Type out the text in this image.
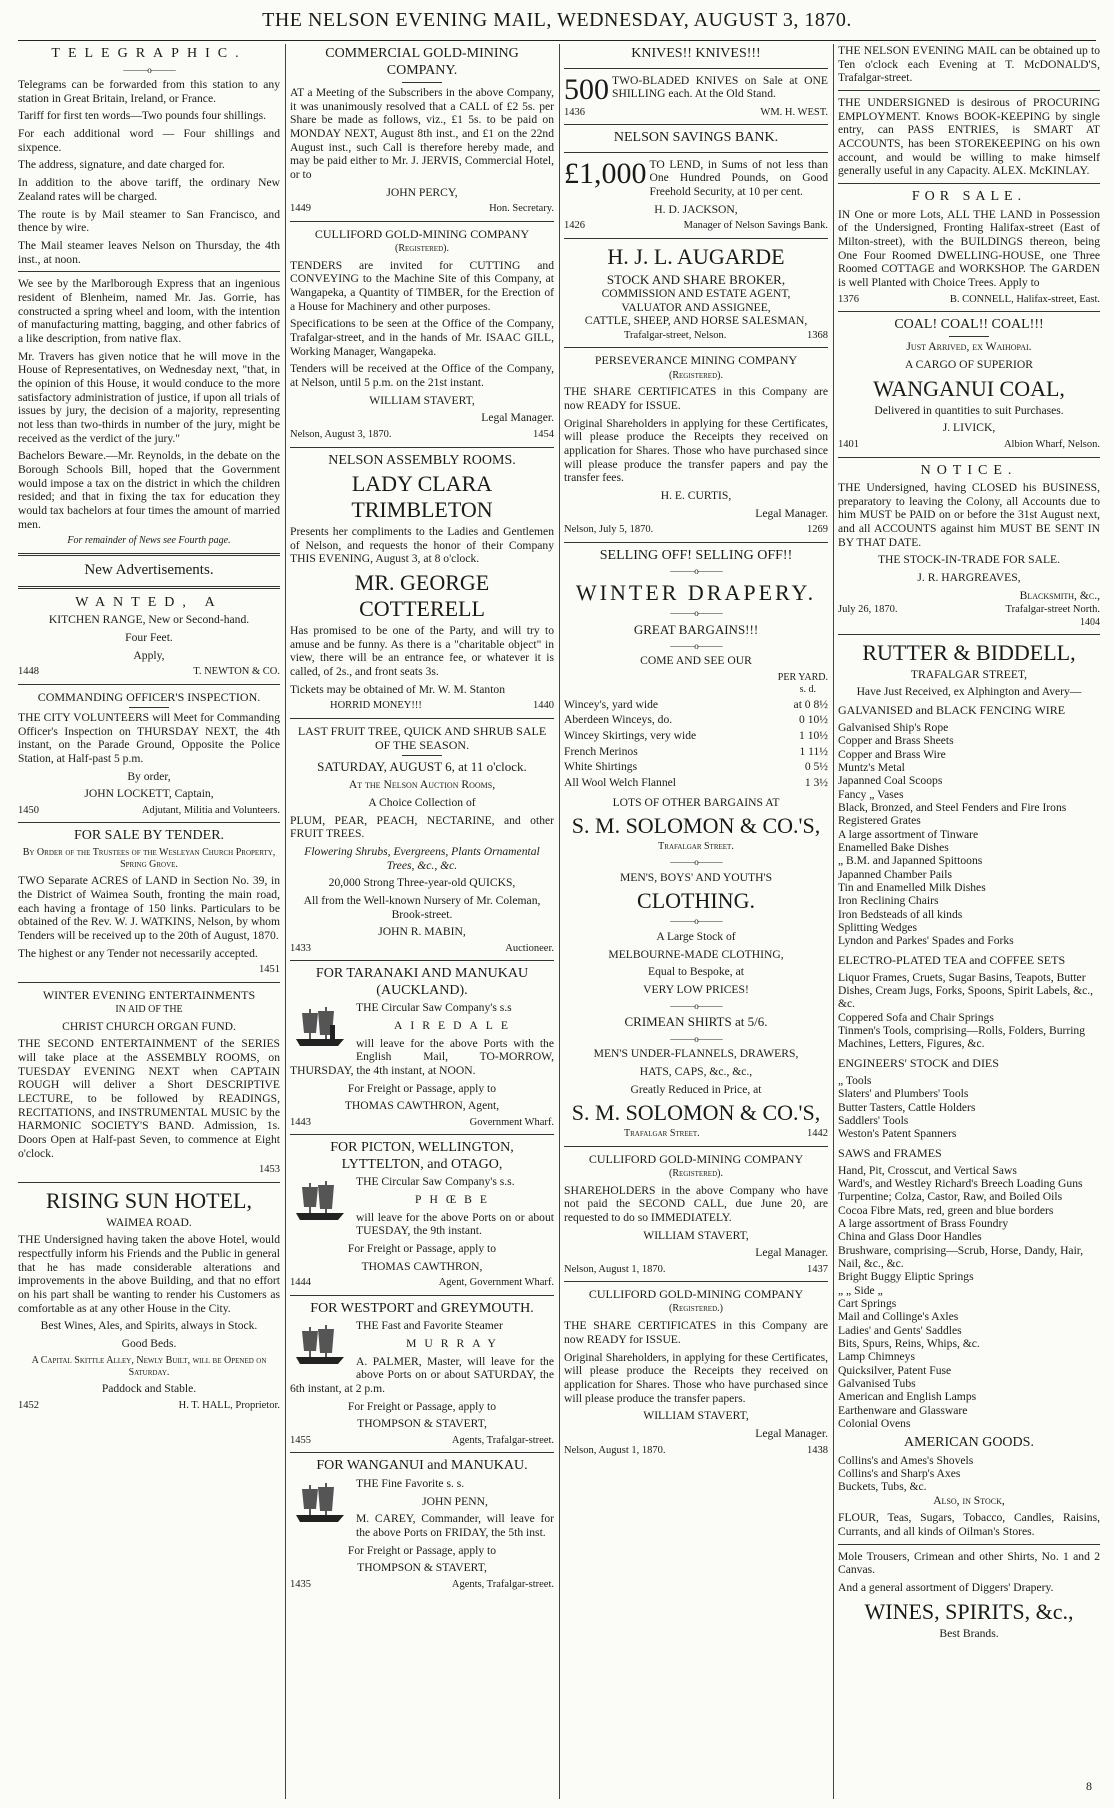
THE NELSON EVENING MAIL, WEDNESDAY, AUGUST 3, 1870.
TELEGRAPHIC.
———o———

Telegrams can be forwarded from this station to any station in Great Britain, Ireland, or France.

Tariff for first ten words—Two pounds four shillings.

For each additional word — Four shillings and sixpence.

The address, signature, and date charged for.

In addition to the above tariff, the ordinary New Zealand rates will be charged.

The route is by Mail steamer to San Francisco, and thence by wire.

The Mail steamer leaves Nelson on Thursday, the 4th inst., at noon.

We see by the Marlborough Express that an ingenious resident of Blenheim, named Mr. Jas. Gorrie, has constructed a spring wheel and loom, with the intention of manufacturing matting, bagging, and other fabrics of a like description, from native flax.

Mr. Travers has given notice that he will move in the House of Representatives, on Wednesday next, "that, in the opinion of this House, it would conduce to the more satisfactory administration of justice, if upon all trials of issues by jury, the decision of a majority, representing not less than two-thirds in number of the jury, might be received as the verdict of the jury."

Bachelors Beware.—Mr. Reynolds, in the debate on the Borough Schools Bill, hoped that the Government would impose a tax on the district in which the children resided; and that in fixing the tax for education they would tax bachelors at four times the amount of married men.

For remainder of News see Fourth page.

New Advertisements.
WANTED, A

KITCHEN RANGE, New or Second-hand.

Four Feet.

Apply,

1448	T. NEWTON & CO.
COMMANDING OFFICER'S INSPECTION.

THE CITY VOLUNTEERS will Meet for Commanding Officer's Inspection on THURSDAY NEXT, the 4th instant, on the Parade Ground, Opposite the Police Station, at Half-past 5 p.m.

By order,

JOHN LOCKETT, Captain,

1450	Adjutant, Militia and Volunteers.
FOR SALE BY TENDER.

By Order of the Trustees of the Wesleyan Church Property, Spring Grove.

TWO Separate ACRES of LAND in Section No. 39, in the District of Waimea South, fronting the main road, each having a frontage of 150 links. Particulars to be obtained of the Rev. W. J. WATKINS, Nelson, by whom Tenders will be received up to the 20th of August, 1870.

The highest or any Tender not necessarily accepted.

1451
WINTER EVENING ENTERTAINMENTS

IN AID OF THE

CHRIST CHURCH ORGAN FUND.

THE SECOND ENTERTAINMENT of the SERIES will take place at the ASSEMBLY ROOMS, on TUESDAY EVENING NEXT when CAPTAIN ROUGH will deliver a Short DESCRIPTIVE LECTURE, to be followed by READINGS, RECITATIONS, and INSTRUMENTAL MUSIC by the HARMONIC SOCIETY'S BAND. Admission, 1s. Doors Open at Half-past Seven, to commence at Eight o'clock.

1453
RISING SUN HOTEL,

WAIMEA ROAD.

THE Undersigned having taken the above Hotel, would respectfully inform his Friends and the Public in general that he has made considerable alterations and improvements in the above Building, and that no effort on his part shall be wanting to render his Customers as comfortable as at any other House in the City.

Best Wines, Ales, and Spirits, always in Stock.

Good Beds.

A Capital Skittle Alley, Newly Built, will be Opened on Saturday.

Paddock and Stable.

1452	H. T. HALL, Proprietor.
COMMERCIAL GOLD-MINING COMPANY.

AT a Meeting of the Subscribers in the above Company, it was unanimously resolved that a CALL of £2 5s. per Share be made as follows, viz., £1 5s. to be paid on MONDAY NEXT, August 8th inst., and £1 on the 22nd August inst., such Call is therefore hereby made, and may be paid either to Mr. J. JERVIS, Commercial Hotel, or to

JOHN PERCY,

1449	Hon. Secretary.
CULLIFORD GOLD-MINING COMPANY

(Registered).

TENDERS are invited for CUTTING and CONVEYING to the Machine Site of this Company, at Wangapeka, a Quantity of TIMBER, for the Erection of a House for Machinery and other purposes.

Specifications to be seen at the Office of the Company, Trafalgar-street, and in the hands of Mr. ISAAC GILL, Working Manager, Wangapeka.

Tenders will be received at the Office of the Company, at Nelson, until 5 p.m. on the 21st instant.

WILLIAM STAVERT,

Legal Manager.

Nelson, August 3, 1870.	1454
NELSON ASSEMBLY ROOMS.
LADY CLARA TRIMBLETON

Presents her compliments to the Ladies and Gentlemen of Nelson, and requests the honor of their Company THIS EVENING, August 3, at 8 o'clock.

MR. GEORGE COTTERELL

Has promised to be one of the Party, and will try to amuse and be funny. As there is a "charitable object" in view, there will be an entrance fee, or whatever it is called, of 2s., and front seats 3s.

Tickets may be obtained of Mr. W. M. Stanton

HORRID MONEY!!!	1440
LAST FRUIT TREE, QUICK AND SHRUB SALE OF THE SEASON.

SATURDAY, AUGUST 6, at 11 o'clock.

At the Nelson Auction Rooms,

A Choice Collection of

PLUM, PEAR, PEACH, NECTARINE, and other FRUIT TREES.

Flowering Shrubs, Evergreens, Plants Ornamental Trees, &c., &c.

20,000 Strong Three-year-old QUICKS,

All from the Well-known Nursery of Mr. Coleman, Brook-street.

JOHN R. MABIN,

1433	Auctioneer.
FOR TARANAKI AND MANUKAU (AUCKLAND).

THE Circular Saw Company's s.s

AIREDALE

will leave for the above Ports with the English Mail, TO-MORROW, THURSDAY, the 4th instant, at NOON.

For Freight or Passage, apply to

THOMAS CAWTHRON, Agent,

1443	Government Wharf.
FOR PICTON, WELLINGTON, LYTTELTON, and OTAGO,

THE Circular Saw Company's s.s.

PHŒBE

will leave for the above Ports on or about TUESDAY, the 9th instant.

For Freight or Passage, apply to

THOMAS CAWTHRON,

1444	Agent, Government Wharf.
FOR WESTPORT and GREYMOUTH.

THE Fast and Favorite Steamer

MURRAY

A. PALMER, Master, will leave for the above Ports on or about SATURDAY, the 6th instant, at 2 p.m.

For Freight or Passage, apply to

THOMPSON & STAVERT,

1455	Agents, Trafalgar-street.
FOR WANGANUI and MANUKAU.

THE Fine Favorite s. s.

JOHN PENN,

M. CAREY, Commander, will leave for the above Ports on FRIDAY, the 5th inst.

For Freight or Passage, apply to

THOMPSON & STAVERT,

1435	Agents, Trafalgar-street.
KNIVES!! KNIVES!!!

500 TWO-BLADED KNIVES on Sale at ONE SHILLING each. At the Old Stand.

1436	WM. H. WEST.
NELSON SAVINGS BANK.

£1,000 TO LEND, in Sums of not less than One Hundred Pounds, on Good Freehold Security, at 10 per cent.

H. D. JACKSON,

1426	Manager of Nelson Savings Bank.
H. J. L. AUGARDE

STOCK AND SHARE BROKER,

COMMISSION AND ESTATE AGENT,

VALUATOR AND ASSIGNEE,

CATTLE, SHEEP, AND HORSE SALESMAN,

Trafalgar-street, Nelson.	1368
PERSEVERANCE MINING COMPANY

(Registered).

THE SHARE CERTIFICATES in this Company are now READY for ISSUE.

Original Shareholders in applying for these Certificates, will please produce the Receipts they received on application for Shares. Those who have purchased since will please produce the transfer papers and pay the transfer fees.

H. E. CURTIS,

Legal Manager.

Nelson, July 5, 1870.	1269
SELLING OFF! SELLING OFF!!
———o———
WINTER DRAPERY.
———o———

GREAT BARGAINS!!!

———o———

COME AND SEE OUR

PER YARD.

s. d.

Wincey's, yard wide	at 0 8½
Aberdeen Winceys, do.	0 10½
Wincey Skirtings, very wide	1 10½
French Merinos	1 11½
White Shirtings	0 5½
All Wool Welch Flannel	1 3½

LOTS OF OTHER BARGAINS AT

S. M. SOLOMON & CO.'S,

Trafalgar Street.

———o———

MEN'S, BOYS' AND YOUTH'S

CLOTHING.
———o———

A Large Stock of

MELBOURNE-MADE CLOTHING,

Equal to Bespoke, at

VERY LOW PRICES!

———o———

CRIMEAN SHIRTS at 5/6.

———o———

MEN'S UNDER-FLANNELS, DRAWERS,

HATS, CAPS, &c., &c.,

Greatly Reduced in Price, at

S. M. SOLOMON & CO.'S,
Trafalgar Street.	1442
CULLIFORD GOLD-MINING COMPANY

(Registered).

SHAREHOLDERS in the above Company who have not paid the SECOND CALL, due June 20, are requested to do so IMMEDIATELY.

WILLIAM STAVERT,

Legal Manager.

Nelson, August 1, 1870.	1437
CULLIFORD GOLD-MINING COMPANY

(Registered.)

THE SHARE CERTIFICATES in this Company are now READY for ISSUE.

Original Shareholders, in applying for these Certificates, will please produce the Receipts they received on application for Shares. Those who have purchased since will please produce the transfer papers.

WILLIAM STAVERT,

Legal Manager.

Nelson, August 1, 1870.	1438

THE NELSON EVENING MAIL can be obtained up to Ten o'clock each Evening at T. McDONALD'S, Trafalgar-street.

THE UNDERSIGNED is desirous of PROCURING EMPLOYMENT. Knows BOOK-KEEPING by single entry, can PASS ENTRIES, is SMART AT ACCOUNTS, has been STOREKEEPING on his own account, and would be willing to make himself generally useful in any Capacity. ALEX. McKINLAY.

FOR SALE.

IN One or more Lots, ALL THE LAND in Possession of the Undersigned, Fronting Halifax-street (East of Milton-street), with the BUILDINGS thereon, being One Four Roomed DWELLING-HOUSE, one Three Roomed COTTAGE and WORKSHOP. The GARDEN is well Planted with Choice Trees. Apply to

1376	B. CONNELL, Halifax-street, East.
COAL! COAL!! COAL!!!

Just Arrived, ex Waihopai.

A CARGO OF SUPERIOR

WANGANUI COAL,

Delivered in quantities to suit Purchases.

J. LIVICK,

1401	Albion Wharf, Nelson.
NOTICE.

THE Undersigned, having CLOSED his BUSINESS, preparatory to leaving the Colony, all Accounts due to him MUST be PAID on or before the 31st August next, and all ACCOUNTS against him MUST BE SENT IN BY THAT DATE.

THE STOCK-IN-TRADE FOR SALE.

J. R. HARGREAVES,

Blacksmith, &c.,

July 26, 1870.	Trafalgar-street North.

1404

RUTTER & BIDDELL,

TRAFALGAR STREET,

Have Just Received, ex Alphington and Avery—

GALVANISED and BLACK FENCING WIRE

Galvanised Ship's Rope
Copper and Brass Sheets
Copper and Brass Wire
Muntz's Metal
Japanned Coal Scoops
Fancy „ Vases
Black, Bronzed, and Steel Fenders and Fire Irons
Registered Grates
A large assortment of Tinware
Enamelled Bake Dishes
„ B.M. and Japanned Spittoons
Japanned Chamber Pails
Tin and Enamelled Milk Dishes
Iron Reclining Chairs
Iron Bedsteads of all kinds
Splitting Wedges
Lyndon and Parkes' Spades and Forks

ELECTRO-PLATED TEA and COFFEE SETS

Liquor Frames, Cruets, Sugar Basins, Teapots, Butter Dishes, Cream Jugs, Forks, Spoons, Spirit Labels, &c., &c.
Coppered Sofa and Chair Springs
Tinmen's Tools, comprising—Rolls, Folders, Burring Machines, Letters, Figures, &c.

ENGINEERS' STOCK and DIES

„ Tools
Slaters' and Plumbers' Tools
Butter Tasters, Cattle Holders
Saddlers' Tools
Weston's Patent Spanners

SAWS and FRAMES

Hand, Pit, Crosscut, and Vertical Saws
Ward's, and Westley Richard's Breech Loading Guns
Turpentine; Colza, Castor, Raw, and Boiled Oils
Cocoa Fibre Mats, red, green and blue borders
A large assortment of Brass Foundry
China and Glass Door Handles
Brushware, comprising—Scrub, Horse, Dandy, Hair, Nail, &c., &c.
Bright Buggy Eliptic Springs
„ „ Side „
Cart Springs
Mail and Collinge's Axles
Ladies' and Gents' Saddles
Bits, Spurs, Reins, Whips, &c.
Lamp Chimneys
Quicksilver, Patent Fuse
Galvanised Tubs
American and English Lamps
Earthenware and Glassware
Colonial Ovens
AMERICAN GOODS.
Collins's and Ames's Shovels
Collins's and Sharp's Axes
Buckets, Tubs, &c.

Also, in Stock,

FLOUR, Teas, Sugars, Tobacco, Candles, Raisins, Currants, and all kinds of Oilman's Stores.

Mole Trousers, Crimean and other Shirts, No. 1 and 2 Canvas.

And a general assortment of Diggers' Drapery.

WINES, SPIRITS, &c.,

Best Brands.

8
